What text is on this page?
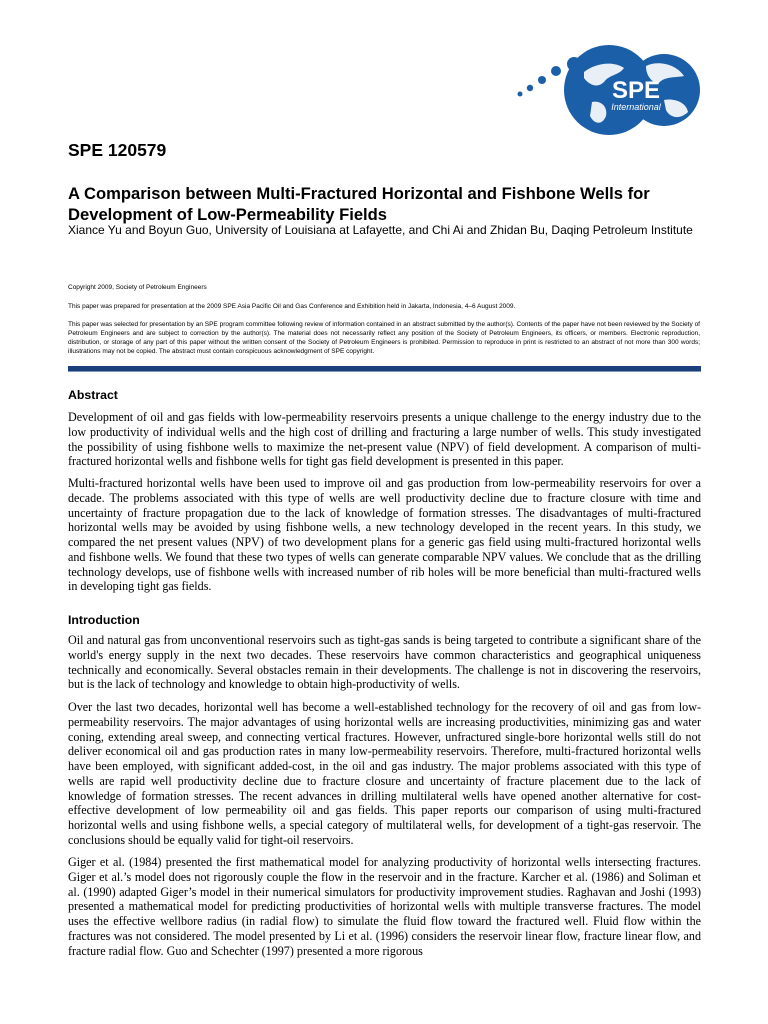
SPE
International
SPE 120579
A Comparison between Multi-Fractured Horizontal and Fishbone Wells for Development of Low-Permeability Fields
Xiance Yu and Boyun Guo, University of Louisiana at Lafayette, and Chi Ai and Zhidan Bu, Daqing Petroleum Institute
Copyright 2009, Society of Petroleum Engineers
This paper was prepared for presentation at the 2009 SPE Asia Pacific Oil and Gas Conference and Exhibition held in Jakarta, Indonesia, 4–6 August 2009.
This paper was selected for presentation by an SPE program committee following review of information contained in an abstract submitted by the author(s). Contents of the paper have not been reviewed by the Society of Petroleum Engineers and are subject to correction by the author(s). The material does not necessarily reflect any position of the Society of Petroleum Engineers, its officers, or members. Electronic reproduction, distribution, or storage of any part of this paper without the written consent of the Society of Petroleum Engineers is prohibited. Permission to reproduce in print is restricted to an abstract of not more than 300 words; illustrations may not be copied. The abstract must contain conspicuous acknowledgment of SPE copyright.
Abstract

Development of oil and gas fields with low-permeability reservoirs presents a unique challenge to the energy industry due to the low productivity of individual wells and the high cost of drilling and fracturing a large number of wells. This study investigated the possibility of using fishbone wells to maximize the net-present value (NPV) of field development. A comparison of multi-fractured horizontal wells and fishbone wells for tight gas field development is presented in this paper.

Multi-fractured horizontal wells have been used to improve oil and gas production from low-permeability reservoirs for over a decade. The problems associated with this type of wells are well productivity decline due to fracture closure with time and uncertainty of fracture propagation due to the lack of knowledge of formation stresses. The disadvantages of multi-fractured horizontal wells may be avoided by using fishbone wells, a new technology developed in the recent years. In this study, we compared the net present values (NPV) of two development plans for a generic gas field using multi-fractured horizontal wells and fishbone wells. We found that these two types of wells can generate comparable NPV values. We conclude that as the drilling technology develops, use of fishbone wells with increased number of rib holes will be more beneficial than multi-fractured wells in developing tight gas fields.

Introduction

Oil and natural gas from unconventional reservoirs such as tight-gas sands is being targeted to contribute a significant share of the world's energy supply in the next two decades. These reservoirs have common characteristics and geographical uniqueness technically and economically. Several obstacles remain in their developments. The challenge is not in discovering the reservoirs, but is the lack of technology and knowledge to obtain high-productivity of wells.

Over the last two decades, horizontal well has become a well-established technology for the recovery of oil and gas from low-permeability reservoirs. The major advantages of using horizontal wells are increasing productivities, minimizing gas and water coning, extending areal sweep, and connecting vertical fractures. However, unfractured single-bore horizontal wells still do not deliver economical oil and gas production rates in many low-permeability reservoirs. Therefore, multi-fractured horizontal wells have been employed, with significant added-cost, in the oil and gas industry. The major problems associated with this type of wells are rapid well productivity decline due to fracture closure and uncertainty of fracture placement due to the lack of knowledge of formation stresses. The recent advances in drilling multilateral wells have opened another alternative for cost-effective development of low permeability oil and gas fields. This paper reports our comparison of using multi-fractured horizontal wells and using fishbone wells, a special category of multilateral wells, for development of a tight-gas reservoir. The conclusions should be equally valid for tight-oil reservoirs.

Giger et al. (1984) presented the first mathematical model for analyzing productivity of horizontal wells intersecting fractures. Giger et al.’s model does not rigorously couple the flow in the reservoir and in the fracture. Karcher et al. (1986) and Soliman et al. (1990) adapted Giger’s model in their numerical simulators for productivity improvement studies. Raghavan and Joshi (1993) presented a mathematical model for predicting productivities of horizontal wells with multiple transverse fractures. The model uses the effective wellbore radius (in radial flow) to simulate the fluid flow toward the fractured well. Fluid flow within the fractures was not considered. The model presented by Li et al. (1996) considers the reservoir linear flow, fracture linear flow, and fracture radial flow. Guo and Schechter (1997) presented a more rigorous
